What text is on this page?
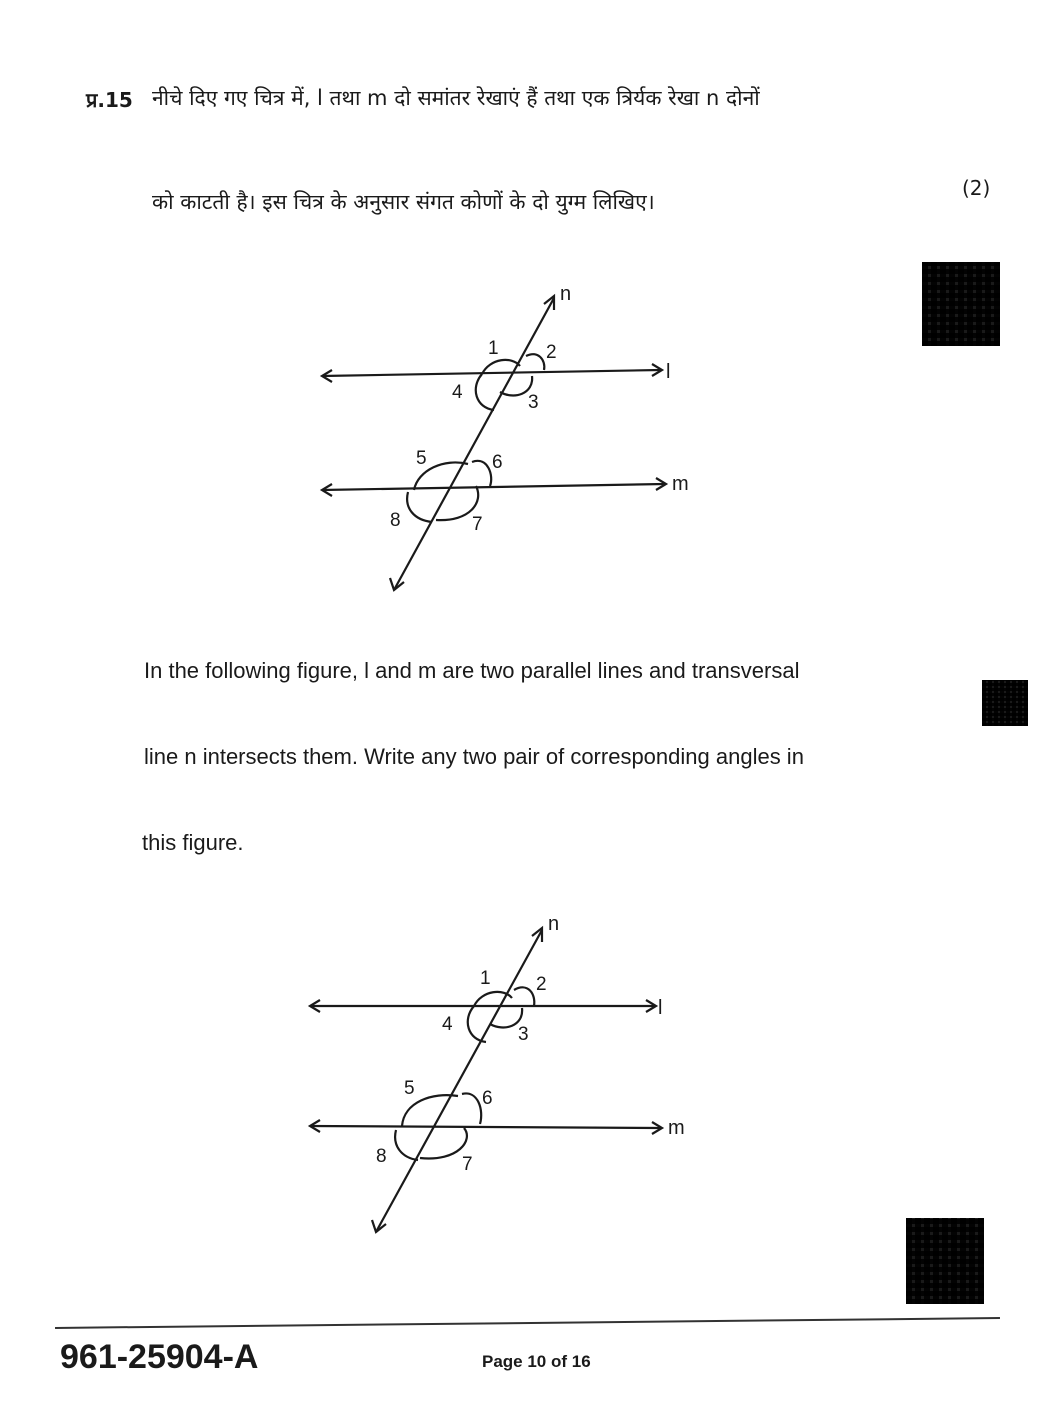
प्र.15 नीचे दिए गए चित्र में, l तथा m दो समांतर रेखाएं हैं तथा एक त्रिर्यक रेखा n दोनों
को काटती है। इस चित्र के अनुसार संगत कोणों के दो युग्म लिखिए।
(2)
n
l
m
1 2
3
4
5	6
7
8
In the following figure, l and m are two parallel lines and transversal
line n intersects them. Write any two pair of corresponding angles in
this figure.
n
l
m
1 2
3
4
5	6
7
8
961-25904-A	Page 10 of 16
